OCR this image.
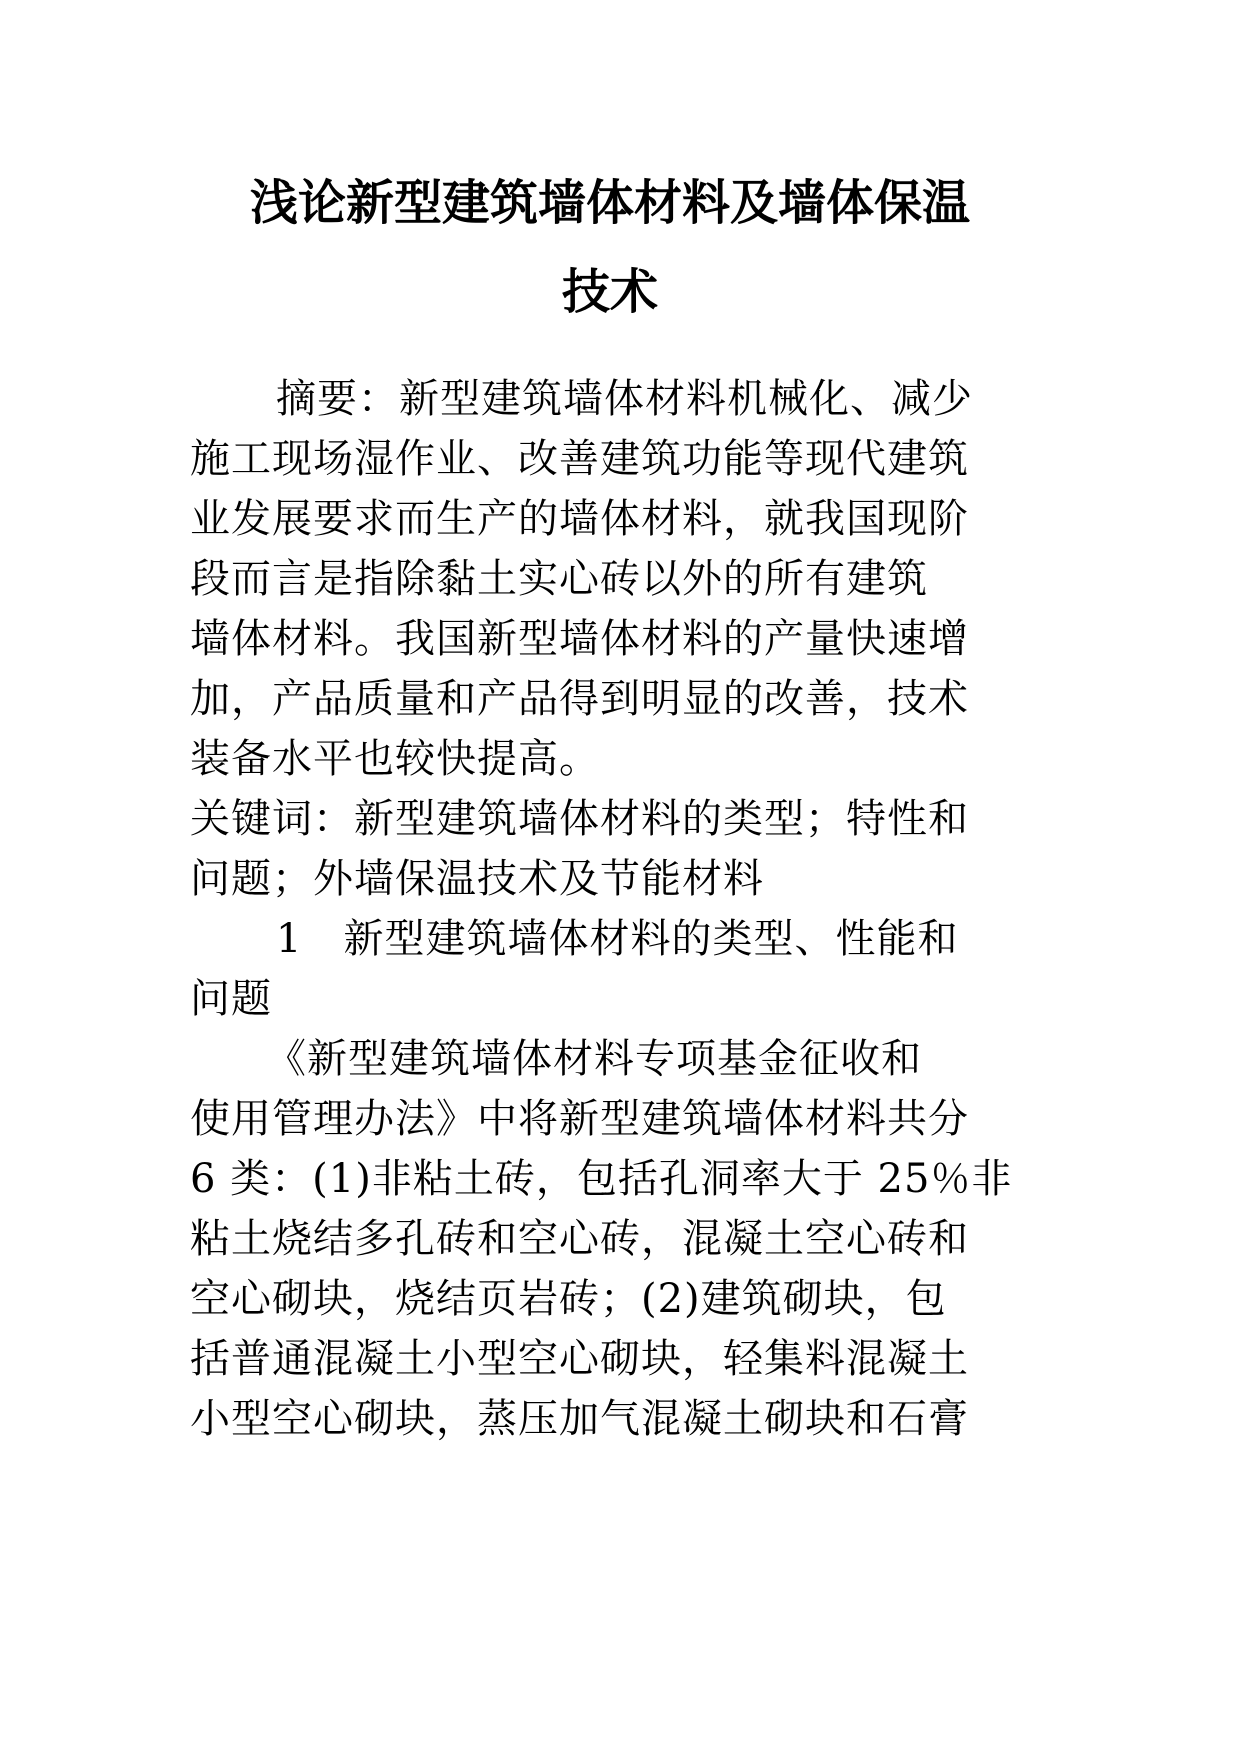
浅论新型建筑墙体材料及墙体保温
技术
摘要：新型建筑墙体材料机械化、减少
施工现场湿作业、改善建筑功能等现代建筑
业发展要求而生产的墙体材料，就我国现阶
段而言是指除黏土实心砖以外的所有建筑
墙体材料。我国新型墙体材料的产量快速增
加，产品质量和产品得到明显的改善，技术
装备水平也较快提高。
关键词：新型建筑墙体材料的类型；特性和
问题；外墙保温技术及节能材料
1　新型建筑墙体材料的类型、性能和
问题
《新型建筑墙体材料专项基金征收和
使用管理办法》中将新型建筑墙体材料共分
6 类：(1)非粘土砖，包括孔洞率大于 25％非
粘土烧结多孔砖和空心砖，混凝土空心砖和
空心砌块，烧结页岩砖；(2)建筑砌块，包
括普通混凝土小型空心砌块，轻集料混凝土
小型空心砌块，蒸压加气混凝土砌块和石膏
